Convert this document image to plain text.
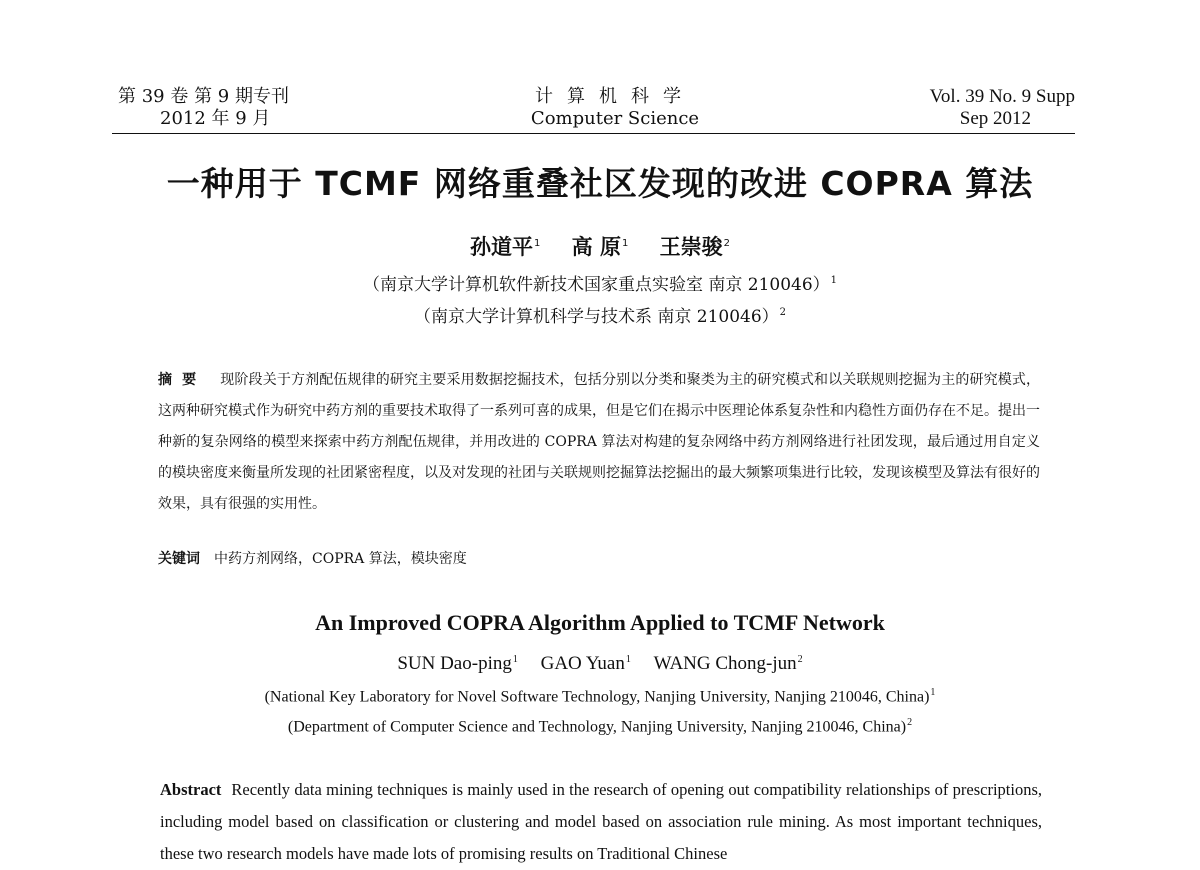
第 39 卷 第 9 期专刊
2012 年 9 月
计算机科学
Computer Science
Vol. 39 No. 9 Supp
Sep 2012
一种用于 TCMF 网络重叠社区发现的改进 COPRA 算法
孙道平$^1$ 高 原$^1$ 王崇骏$^2$
（南京大学计算机软件新技术国家重点实验室 南京 210046）$^1$
（南京大学计算机科学与技术系 南京 210046）$^2$
摘要 现阶段关于方剂配伍规律的研究主要采用数据挖掘技术，包括分别以分类和聚类为主的研究模式和以关联规则挖掘为主的研究模式，这两种研究模式作为研究中药方剂的重要技术取得了一系列可喜的成果，但是它们在揭示中医理论体系复杂性和内稳性方面仍存在不足。提出一种新的复杂网络的模型来探索中药方剂配伍规律，并用改进的 COPRA 算法对构建的复杂网络中药方剂网络进行社团发现，最后通过用自定义的模块密度来衡量所发现的社团紧密程度，以及对发现的社团与关联规则挖掘算法挖掘出的最大频繁项集进行比较，发现该模型及算法有很好的效果，具有很强的实用性。
关键词 中药方剂网络，COPRA 算法，模块密度
An Improved COPRA Algorithm Applied to TCMF Network
SUN Dao-ping$^1$ GAO Yuan$^1$ WANG Chong-jun$^2$
(National Key Laboratory for Novel Software Technology, Nanjing University, Nanjing 210046, China)$^1$
(Department of Computer Science and Technology, Nanjing University, Nanjing 210046, China)$^2$
Abstract Recently data mining techniques is mainly used in the research of opening out compatibility relationships of prescriptions, including model based on classification or clustering and model based on association rule mining. As most important techniques, these two research models have made lots of promising results on Traditional Chinese
